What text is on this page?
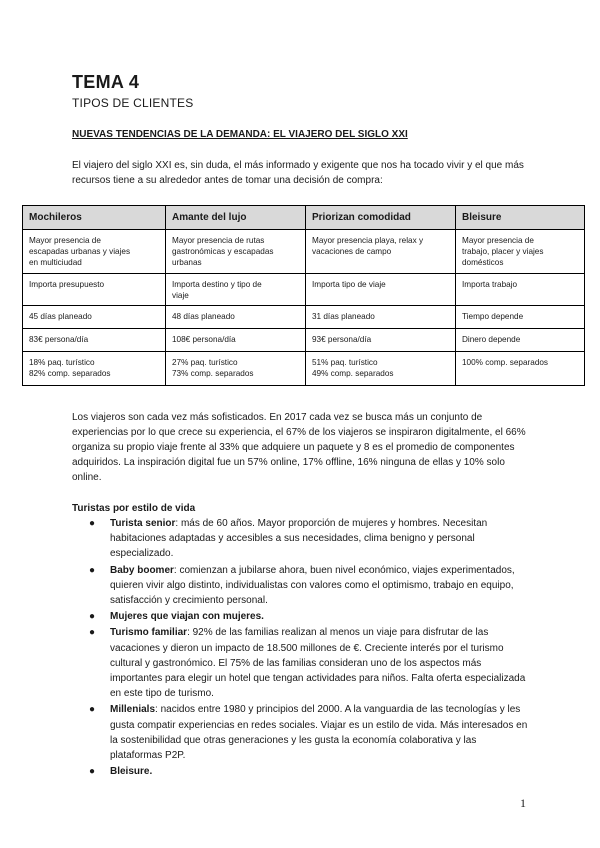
TEMA 4
TIPOS DE CLIENTES
NUEVAS TENDENCIAS DE LA DEMANDA: EL VIAJERO DEL SIGLO XXI

El viajero del siglo XXI es, sin duda, el más informado y exigente que nos ha tocado vivir y el que más recursos tiene a su alrededor antes de tomar una decisión de compra:

Mochileros	Amante del lujo	Priorizan comodidad	Bleisure

Mayor presencia de
escapadas urbanas y viajes
en multiciudad	Mayor presencia de rutas
gastronómicas y escapadas
urbanas	Mayor presencia playa, relax y
vacaciones de campo	Mayor presencia de
trabajo, placer y viajes
domésticos

Importa presupuesto	Importa destino y tipo de
viaje	Importa tipo de viaje	Importa trabajo

45 días planeado	48 días planeado	31 días planeado	Tiempo depende

83€ persona/día	108€ persona/día	93€ persona/día	Dinero depende

18% paq. turístico
82% comp. separados	27% paq. turístico
73% comp. separados	51% paq. turístico
49% comp. separados	100% comp. separados

Los viajeros son cada vez más sofisticados. En 2017 cada vez se busca más un conjunto de experiencias por lo que crece su experiencia, el 67% de los viajeros se inspiraron digitalmente, el 66% organiza su propio viaje frente al 33% que adquiere un paquete y 8 es el promedio de componentes adquiridos. La inspiración digital fue un 57% online, 17% offline, 16% ninguna de ellas y 10% solo online.

Turistas por estilo de vida
● Turista senior: más de 60 años. Mayor proporción de mujeres y hombres. Necesitan habitaciones adaptadas y accesibles a sus necesidades, clima benigno y personal especializado.
● Baby boomer: comienzan a jubilarse ahora, buen nivel económico, viajes experimentados, quieren vivir algo distinto, individualistas con valores como el optimismo, trabajo en equipo, satisfacción y crecimiento personal.
● Mujeres que viajan con mujeres.
● Turismo familiar: 92% de las familias realizan al menos un viaje para disfrutar de las vacaciones y dieron un impacto de 18.500 millones de €. Creciente interés por el turismo cultural y gastronómico. El 75% de las familias consideran uno de los aspectos más importantes para elegir un hotel que tengan actividades para niños. Falta oferta especializada en este tipo de turismo.
● Millenials: nacidos entre 1980 y principios del 2000. A la vanguardia de las tecnologías y les gusta compatir experiencias en redes sociales. Viajar es un estilo de vida. Más interesados en la sostenibilidad que otras generaciones y les gusta la economía colaborativa y las plataformas P2P.
● Bleisure.
1
